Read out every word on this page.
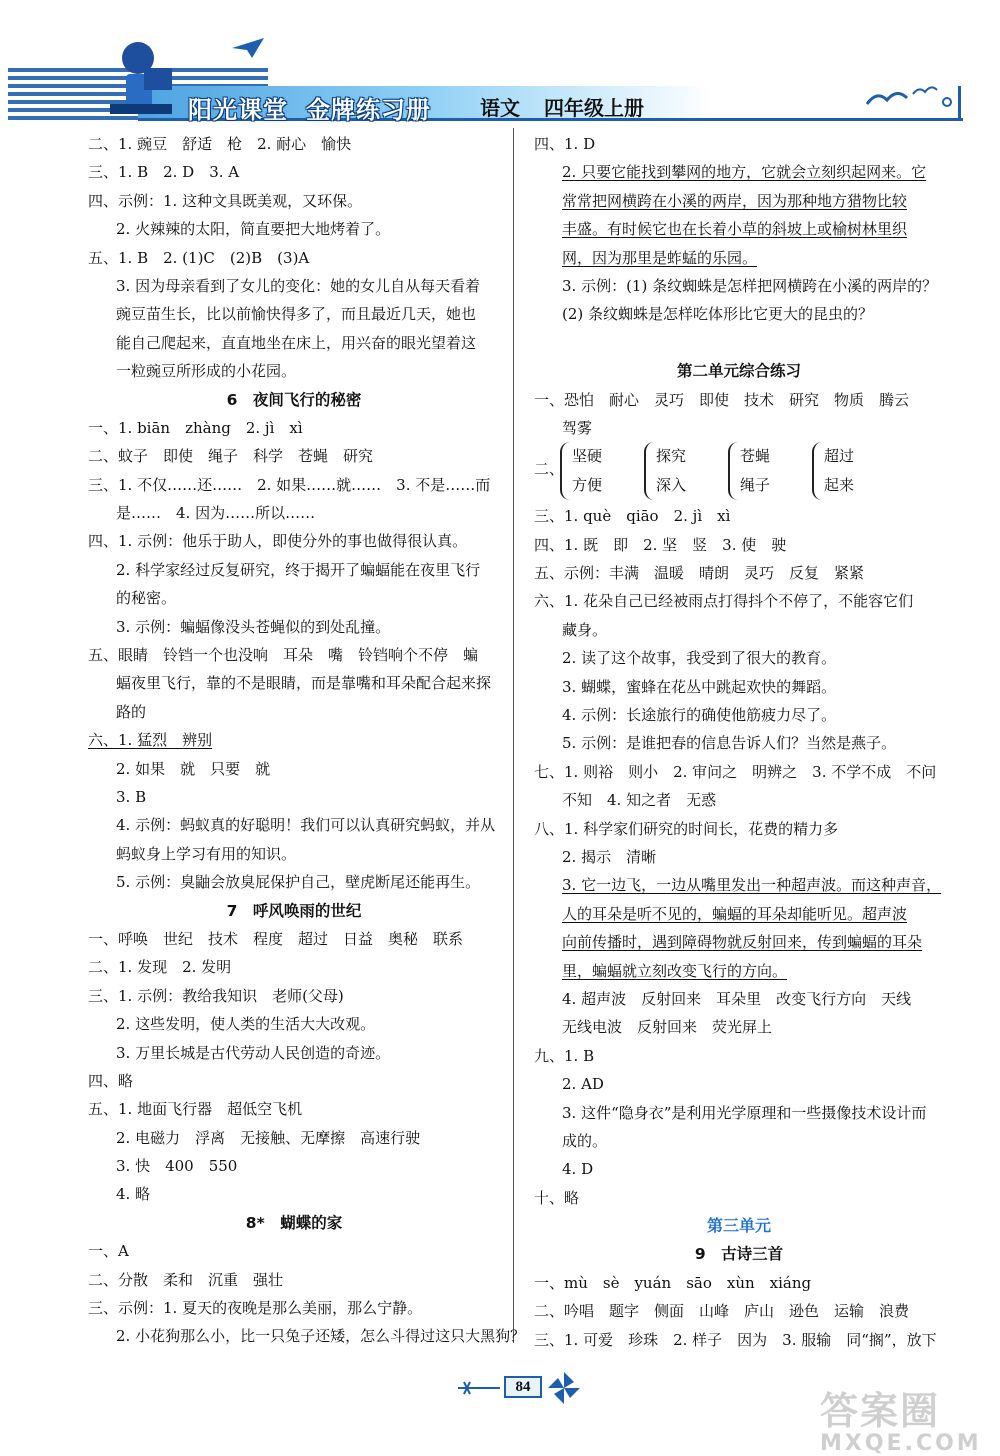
阳光课堂 金牌练习册	语文 四年级上册
二、1. 豌豆　舒适　枪　2. 耐心　愉快
三、1. B　2. D　3. A
四、示例：1. 这种文具既美观，又环保。
2. 火辣辣的太阳，简直要把大地烤着了。
五、1. B　2. (1)C　(2)B　(3)A
3. 因为母亲看到了女儿的变化：她的女儿自从每天看着
豌豆苗生长，比以前愉快得多了，而且最近几天，她也
能自己爬起来，直直地坐在床上，用兴奋的眼光望着这
一粒豌豆所形成的小花园。
6　夜间飞行的秘密
一、1. biān　zhàng　2. jì　xì
二、蚊子　即使　绳子　科学　苍蝇　研究
三、1. 不仅……还……　2. 如果……就……　3. 不是……而
是……　4. 因为……所以……
四、1. 示例：他乐于助人，即使分外的事也做得很认真。
2. 科学家经过反复研究，终于揭开了蝙蝠能在夜里飞行
的秘密。
3. 示例：蝙蝠像没头苍蝇似的到处乱撞。
五、眼睛　铃铛一个也没响　耳朵　嘴　铃铛响个不停　蝙
蝠夜里飞行，靠的不是眼睛，而是靠嘴和耳朵配合起来探
路的
六、1. 猛烈　辨别
2. 如果　就　只要　就
3. B
4. 示例：蚂蚁真的好聪明！我们可以认真研究蚂蚁，并从
蚂蚁身上学习有用的知识。
5. 示例：臭鼬会放臭屁保护自己，壁虎断尾还能再生。
7　呼风唤雨的世纪
一、呼唤　世纪　技术　程度　超过　日益　奥秘　联系
二、1. 发现　2. 发明
三、1. 示例：教给我知识　老师(父母)
2. 这些发明，使人类的生活大大改观。
3. 万里长城是古代劳动人民创造的奇迹。
四、略
五、1. 地面飞行器　超低空飞机
2. 电磁力　浮离　无接触、无摩擦　高速行驶
3. 快　400　550
4. 略
8*　蝴蝶的家
一、A
二、分散　柔和　沉重　强壮
三、示例：1. 夏天的夜晚是那么美丽，那么宁静。
2. 小花狗那么小，比一只兔子还矮，怎么斗得过这只大黑狗？
四、1. D
2. 只要它能找到攀网的地方，它就会立刻织起网来。它
常常把网横跨在小溪的两岸，因为那种地方猎物比较
丰盛。有时候它也在长着小草的斜坡上或榆树林里织
网，因为那里是蚱蜢的乐园。
3. 示例：(1) 条纹蜘蛛是怎样把网横跨在小溪的两岸的？
(2) 条纹蜘蛛是怎样吃体形比它更大的昆虫的？
第二单元综合练习
一、恐怕　耐心　灵巧　即使　技术　研究　物质　腾云
驾雾
二、
坚硬
方便
探究
深入
苍蝇
绳子
超过
起来
三、1. què　qiāo　2. jì　xì
四、1. 既　即　2. 坚　竖　3. 使　驶
五、示例：丰满　温暖　晴朗　灵巧　反复　紧紧
六、1. 花朵自己已经被雨点打得抖个不停了，不能容它们
藏身。
2. 读了这个故事，我受到了很大的教育。
3. 蝴蝶，蜜蜂在花丛中跳起欢快的舞蹈。
4. 示例：长途旅行的确使他筋疲力尽了。
5. 示例：是谁把春的信息告诉人们？当然是燕子。
七、1. 则裕　则小　2. 审问之　明辨之　3. 不学不成　不问
不知　4. 知之者　无惑
八、1. 科学家们研究的时间长，花费的精力多
2. 揭示　清晰
3. 它一边飞，一边从嘴里发出一种超声波。而这种声音，
人的耳朵是听不见的，蝙蝠的耳朵却能听见。超声波
向前传播时，遇到障碍物就反射回来，传到蝙蝠的耳朵
里，蝙蝠就立刻改变飞行的方向。
4. 超声波　反射回来　耳朵里　改变飞行方向　天线
无线电波　反射回来　荧光屏上
九、1. B
2. AD
3. 这件“隐身衣”是利用光学原理和一些摄像技术设计而
成的。
4. D
十、略
第三单元
9　古诗三首
一、mù　sè　yuán　sāo　xùn　xiáng
二、吟唱　题字　侧面　山峰　庐山　逊色　运输　浪费
三、1. 可爱　珍珠　2. 样子　因为　3. 服输　同“搁”，放下
84
答案圈
MXQE.COM
